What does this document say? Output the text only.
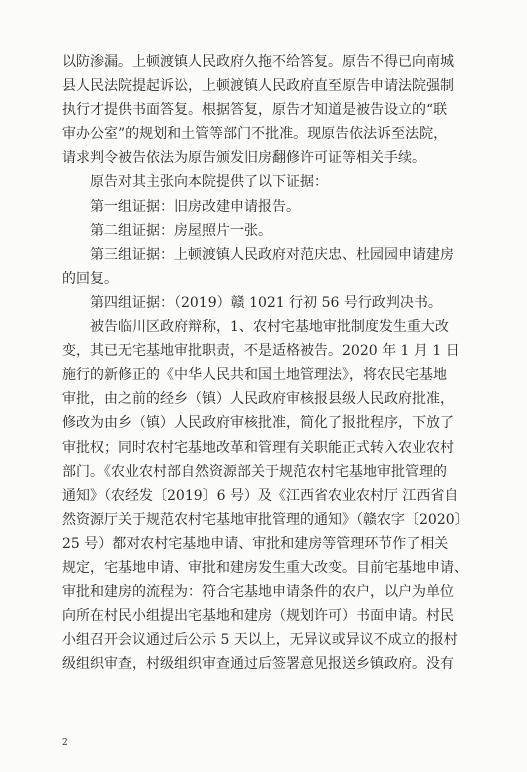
以防渗漏。上顿渡镇人民政府久拖不给答复。原告不得已向南城
县人民法院提起诉讼，上顿渡镇人民政府直至原告申请法院强制
执行才提供书面答复。根据答复，原告才知道是被告设立的“联
审办公室”的规划和土管等部门不批准。现原告依法诉至法院，
请求判令被告依法为原告颁发旧房翻修许可证等相关手续。
原告对其主张向本院提供了以下证据：
第一组证据：旧房改建申请报告。
第二组证据：房屋照片一张。
第三组证据：上顿渡镇人民政府对范庆忠、杜园园申请建房
的回复。
第四组证据：（2019）赣 1021 行初 56 号行政判决书。
被告临川区政府辩称，1、农村宅基地审批制度发生重大改
变，其已无宅基地审批职责，不是适格被告。2020 年 1 月 1 日
施行的新修正的《中华人民共和国土地管理法》，将农民宅基地
审批，由之前的经乡（镇）人民政府审核报县级人民政府批准，
修改为由乡（镇）人民政府审核批准，简化了报批程序，下放了
审批权；同时农村宅基地改革和管理有关职能正式转入农业农村
部门。《农业农村部自然资源部关于规范农村宅基地审批管理的
通知》（农经发〔2019〕6 号）及《江西省农业农村厅 江西省自
然资源厅关于规范农村宅基地审批管理的通知》（赣农字〔2020〕
25 号）都对农村宅基地申请、审批和建房等管理环节作了相关
规定，宅基地申请、审批和建房发生重大改变。目前宅基地申请、
审批和建房的流程为：符合宅基地申请条件的农户，以户为单位
向所在村民小组提出宅基地和建房（规划许可）书面申请。村民
小组召开会议通过后公示 5 天以上，无异议或异议不成立的报村
级组织审查，村级组织审查通过后签署意见报送乡镇政府。没有
2
